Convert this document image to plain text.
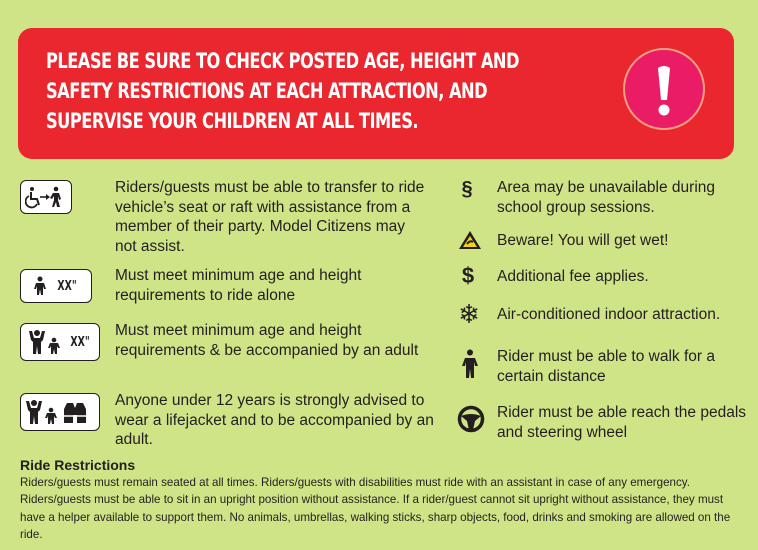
PLEASE BE SURE TO CHECK POSTED AGE, HEIGHT AND SAFETY RESTRICTIONS AT EACH ATTRACTION, AND SUPERVISE YOUR CHILDREN AT ALL TIMES.
Riders/guests must be able to transfer to ride vehicle’s seat or raft with assistance from a member of their party. Model Citizens may not assist.
XX"
Must meet minimum age and height requirements to ride alone
XX"
Must meet minimum age and height requirements & be accompanied by an adult
Anyone under 12 years is strongly advised to wear a lifejacket and to be accompanied by an adult.
§	Area may be unavailable during school group sessions.
Beware! You will get wet!
$	Additional fee applies.
❄ Air-conditioned indoor attraction.
Rider must be able to walk for a certain distance
Rider must be able reach the pedals and steering wheel
Ride Restrictions
Riders/guests must remain seated at all times. Riders/guests with disabilities must ride with an assistant in case of any emergency. Riders/guests must be able to sit in an upright position without assistance. If a rider/guest cannot sit upright without assistance, they must have a helper available to support them. No animals, umbrellas, walking sticks, sharp objects, food, drinks and smoking are allowed on the ride.
